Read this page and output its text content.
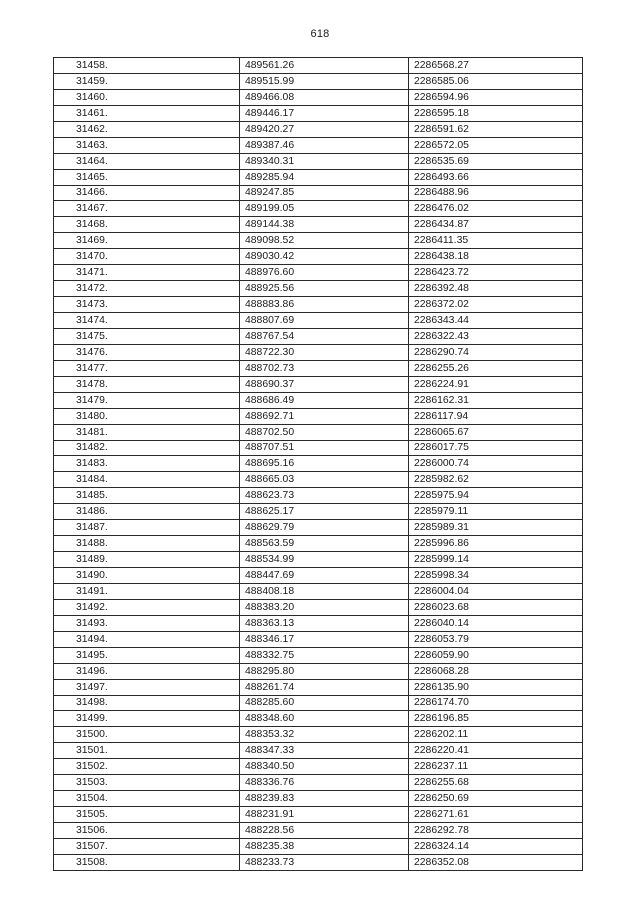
618
31458.	489561.26	2286568.27
31459.	489515.99	2286585.06
31460.	489466.08	2286594.96
31461.	489446.17	2286595.18
31462.	489420.27	2286591.62
31463.	489387.46	2286572.05
31464.	489340.31	2286535.69
31465.	489285.94	2286493.66
31466.	489247.85	2286488.96
31467.	489199.05	2286476.02
31468.	489144.38	2286434.87
31469.	489098.52	2286411.35
31470.	489030.42	2286438.18
31471.	488976.60	2286423.72
31472.	488925.56	2286392.48
31473.	488883.86	2286372.02
31474.	488807.69	2286343.44
31475.	488767.54	2286322.43
31476.	488722.30	2286290.74
31477.	488702.73	2286255.26
31478.	488690.37	2286224.91
31479.	488686.49	2286162.31
31480.	488692.71	2286117.94
31481.	488702.50	2286065.67
31482.	488707.51	2286017.75
31483.	488695.16	2286000.74
31484.	488665.03	2285982.62
31485.	488623.73	2285975.94
31486.	488625.17	2285979.11
31487.	488629.79	2285989.31
31488.	488563.59	2285996.86
31489.	488534.99	2285999.14
31490.	488447.69	2285998.34
31491.	488408.18	2286004.04
31492.	488383.20	2286023.68
31493.	488363.13	2286040.14
31494.	488346.17	2286053.79
31495.	488332.75	2286059.90
31496.	488295.80	2286068.28
31497.	488261.74	2286135.90
31498.	488285.60	2286174.70
31499.	488348.60	2286196.85
31500.	488353.32	2286202.11
31501.	488347.33	2286220.41
31502.	488340.50	2286237.11
31503.	488336.76	2286255.68
31504.	488239.83	2286250.69
31505.	488231.91	2286271.61
31506.	488228.56	2286292.78
31507.	488235.38	2286324.14
31508.	488233.73	2286352.08
